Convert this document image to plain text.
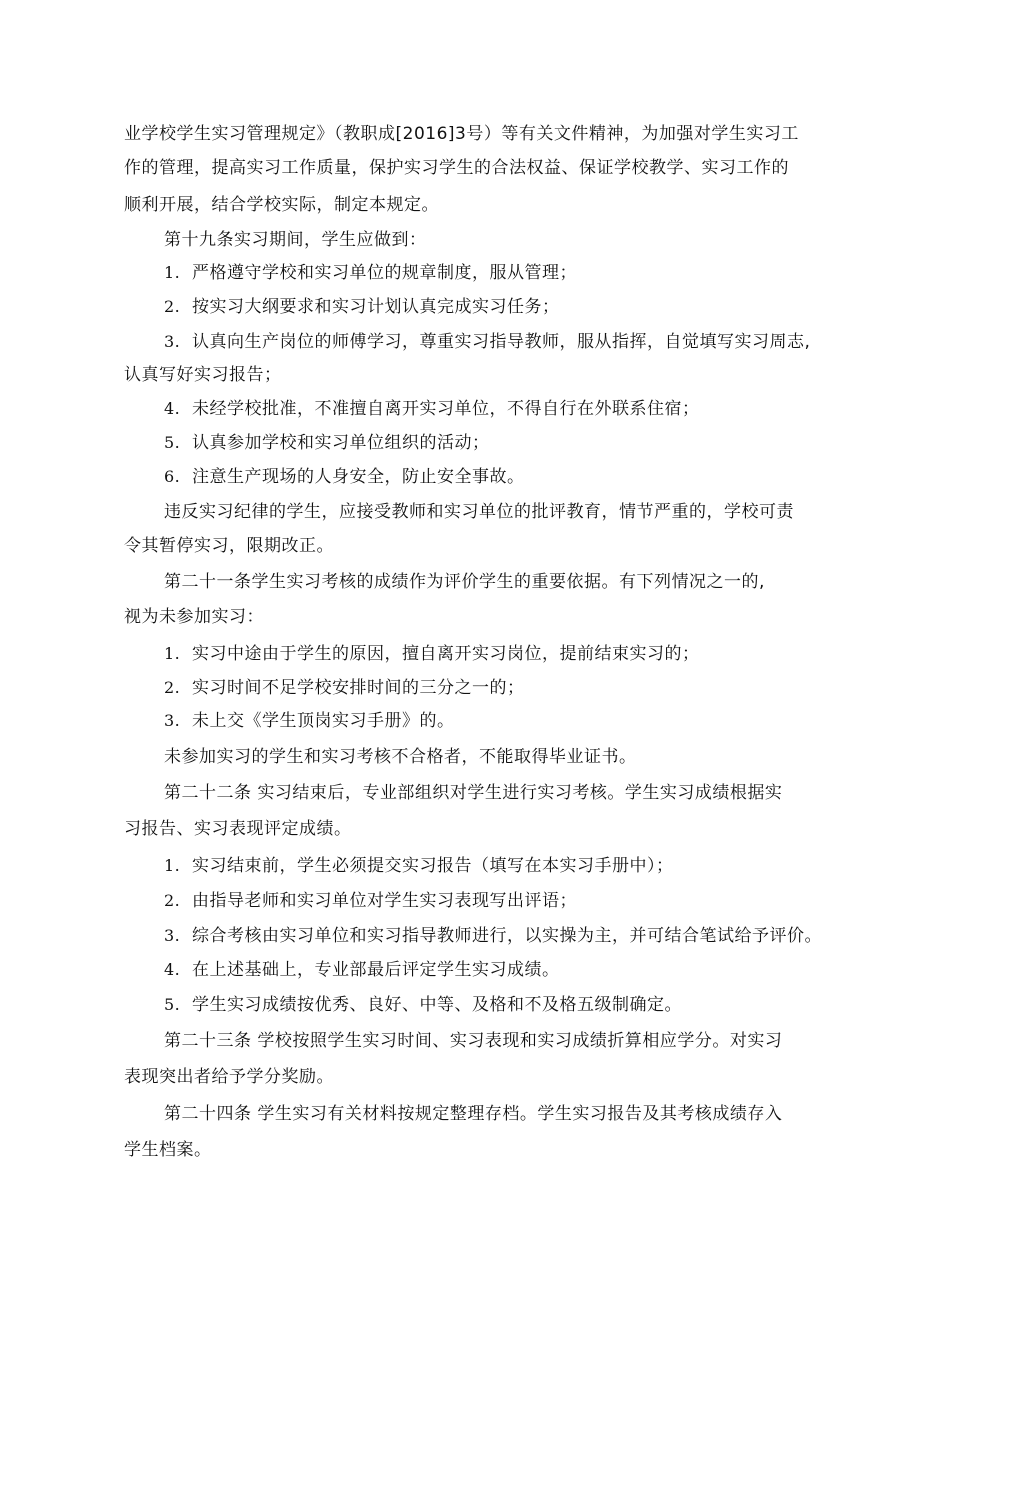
业学校学生实习管理规定》（教职成[2016]3号）等有关文件精神，为加强对学生实习工
作的管理，提高实习工作质量，保护实习学生的合法权益、保证学校教学、实习工作的
顺利开展，结合学校实际，制定本规定。
第十九条实习期间，学生应做到：
1. 严格遵守学校和实习单位的规章制度，服从管理；
2. 按实习大纲要求和实习计划认真完成实习任务；
3. 认真向生产岗位的师傅学习，尊重实习指导教师，服从指挥，自觉填写实习周志,
认真写好实习报告；
4. 未经学校批准，不准擅自离开实习单位，不得自行在外联系住宿；
5. 认真参加学校和实习单位组织的活动；
6. 注意生产现场的人身安全，防止安全事故。
违反实习纪律的学生，应接受教师和实习单位的批评教育，情节严重的，学校可责
令其暂停实习，限期改正。
第二十一条学生实习考核的成绩作为评价学生的重要依据。有下列情况之一的,
视为未参加实习：
1. 实习中途由于学生的原因，擅自离开实习岗位，提前结束实习的；
2. 实习时间不足学校安排时间的三分之一的；
3. 未上交《学生顶岗实习手册》的。
未参加实习的学生和实习考核不合格者，不能取得毕业证书。
第二十二条 实习结束后，专业部组织对学生进行实习考核。学生实习成绩根据实
习报告、实习表现评定成绩。
1. 实习结束前，学生必须提交实习报告（填写在本实习手册中）；
2. 由指导老师和实习单位对学生实习表现写出评语；
3. 综合考核由实习单位和实习指导教师进行，以实操为主，并可结合笔试给予评价。
4. 在上述基础上，专业部最后评定学生实习成绩。
5. 学生实习成绩按优秀、良好、中等、及格和不及格五级制确定。
第二十三条 学校按照学生实习时间、实习表现和实习成绩折算相应学分。对实习
表现突出者给予学分奖励。
第二十四条 学生实习有关材料按规定整理存档。学生实习报告及其考核成绩存入
学生档案。
